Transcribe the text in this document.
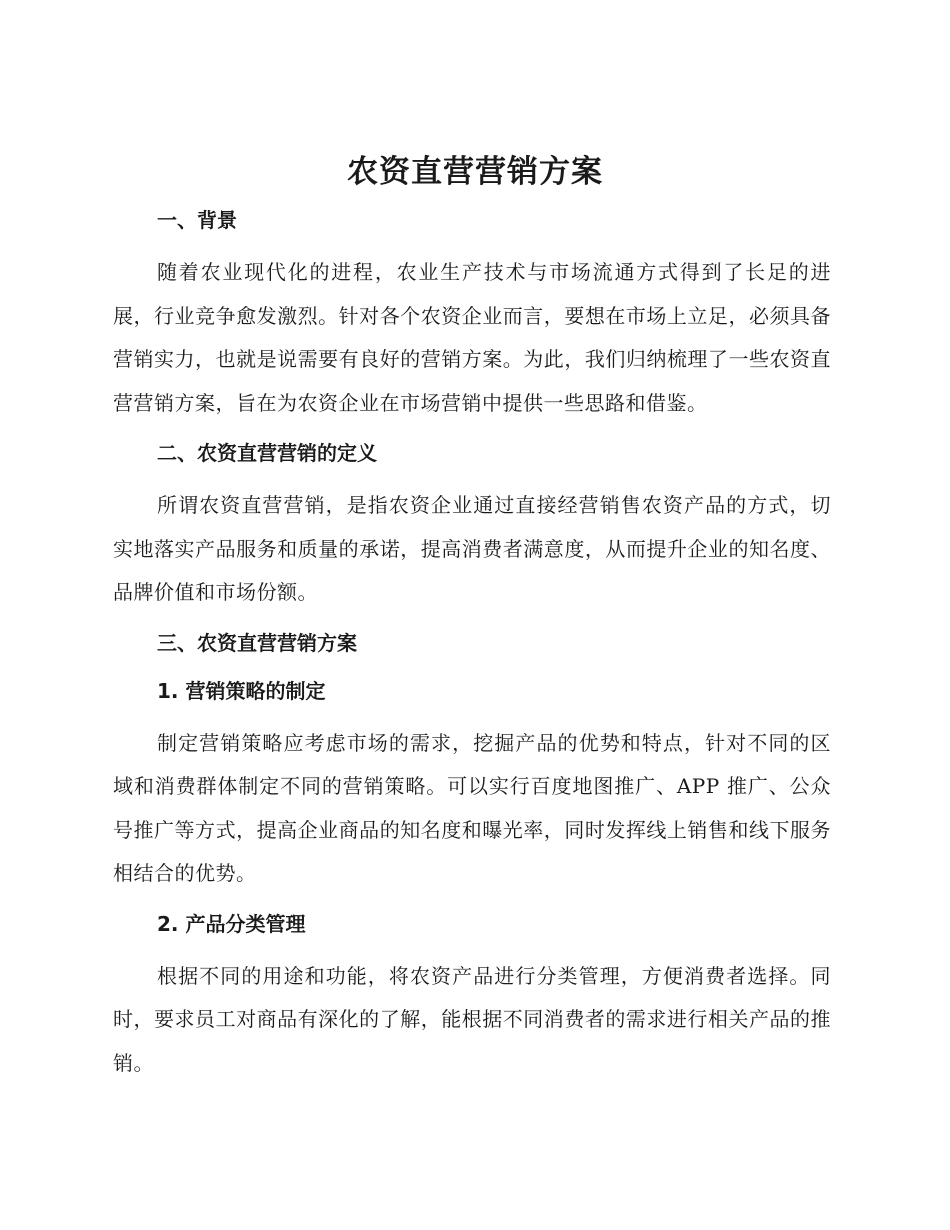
农资直营营销方案
一、背景

随着农业现代化的进程，农业生产技术与市场流通方式得到了长足的进展，行业竞争愈发激烈。针对各个农资企业而言，要想在市场上立足，必须具备营销实力，也就是说需要有良好的营销方案。为此，我们归纳梳理了一些农资直营营销方案，旨在为农资企业在市场营销中提供一些思路和借鉴。

二、农资直营营销的定义

所谓农资直营营销，是指农资企业通过直接经营销售农资产品的方式，切实地落实产品服务和质量的承诺，提高消费者满意度，从而提升企业的知名度、品牌价值和市场份额。

三、农资直营营销方案
1. 营销策略的制定

制定营销策略应考虑市场的需求，挖掘产品的优势和特点，针对不同的区域和消费群体制定不同的营销策略。可以实行百度地图推广、APP 推广、公众号推广等方式，提高企业商品的知名度和曝光率，同时发挥线上销售和线下服务相结合的优势。

2. 产品分类管理

根据不同的用途和功能，将农资产品进行分类管理，方便消费者选择。同时，要求员工对商品有深化的了解，能根据不同消费者的需求进行相关产品的推销。
